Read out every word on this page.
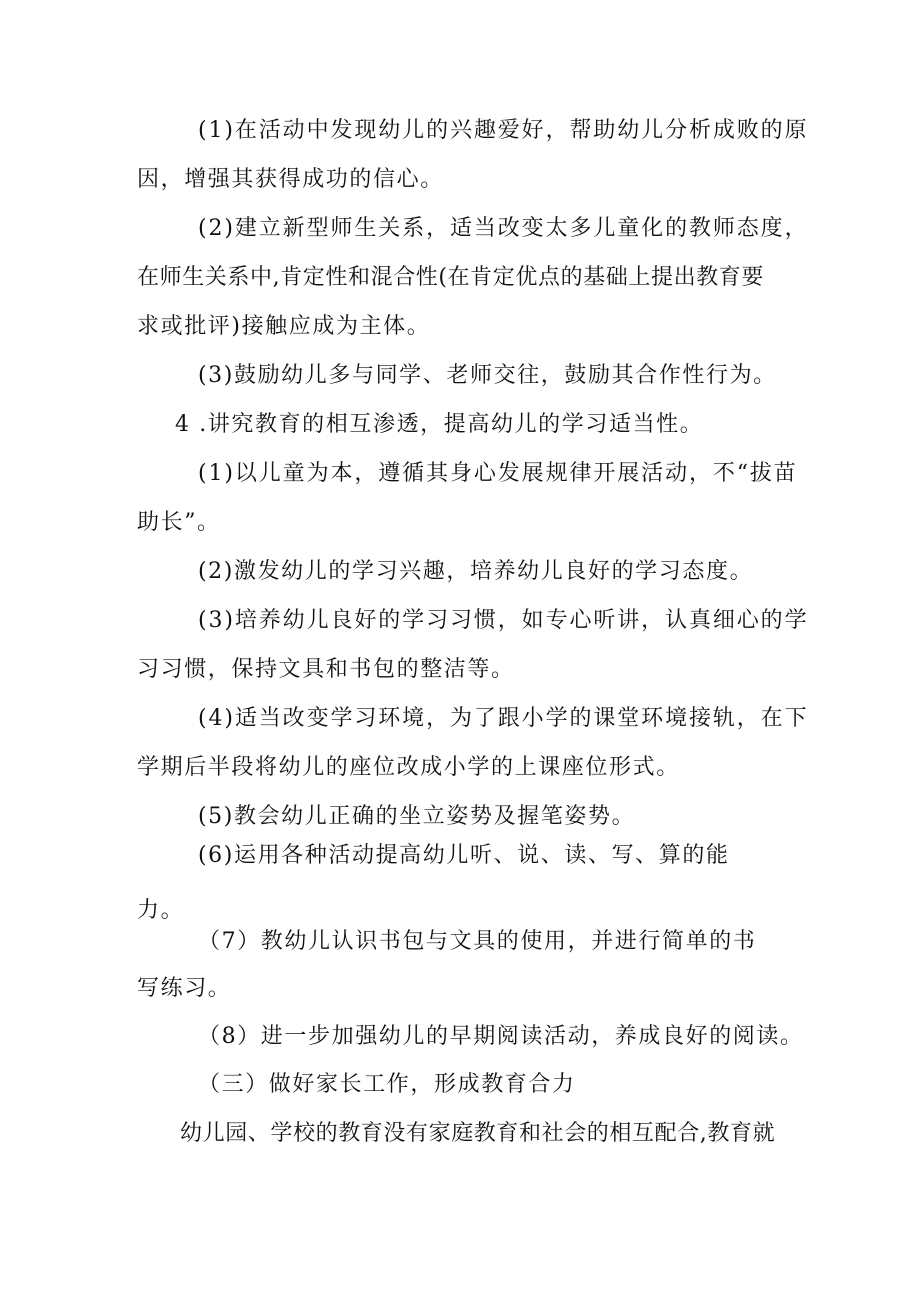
(1)在活动中发现幼儿的兴趣爱好，帮助幼儿分析成败的原
因，增强其获得成功的信心。
(2)建立新型师生关系，适当改变太多儿童化的教师态度，
在师生关系中,肯定性和混合性(在肯定优点的基础上提出教育要
求或批评)接触应成为主体。
(3)鼓励幼儿多与同学、老师交往，鼓励其合作性行为。
4 .讲究教育的相互渗透，提高幼儿的学习适当性。
(1)以儿童为本，遵循其身心发展规律开展活动，不“拔苗
助长”。
(2)激发幼儿的学习兴趣，培养幼儿良好的学习态度。
(3)培养幼儿良好的学习习惯，如专心听讲，认真细心的学
习习惯，保持文具和书包的整洁等。
(4)适当改变学习环境，为了跟小学的课堂环境接轨，在下
学期后半段将幼儿的座位改成小学的上课座位形式。
(5)教会幼儿正确的坐立姿势及握笔姿势。
(6)运用各种活动提高幼儿听、说、读、写、算的能
力。
（7）教幼儿认识书包与文具的使用，并进行简单的书
写练习。
（8）进一步加强幼儿的早期阅读活动，养成良好的阅读。
（三）做好家长工作，形成教育合力
幼儿园、学校的教育没有家庭教育和社会的相互配合,教育就
